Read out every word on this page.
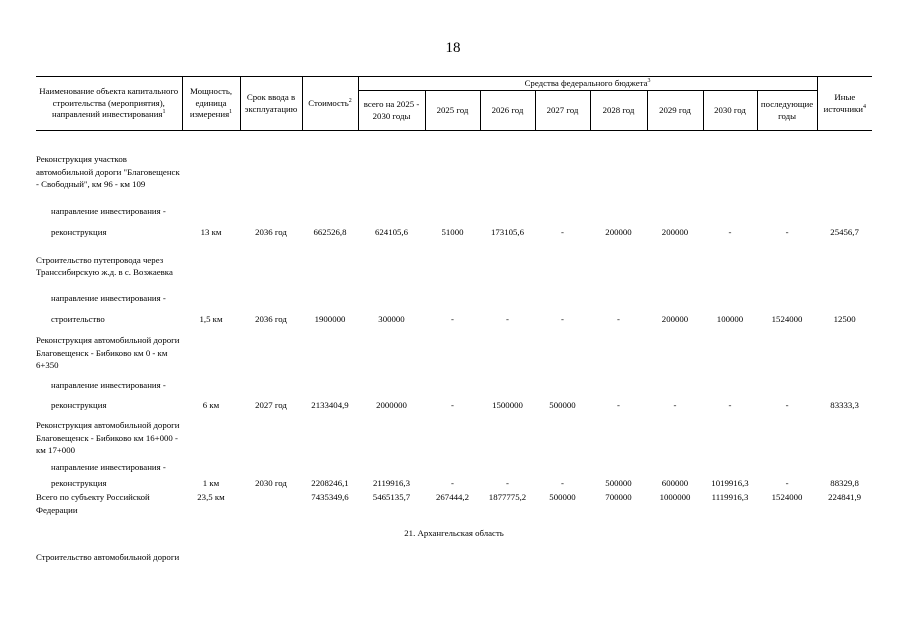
18
Наименование объекта капитального строительства (мероприятия), направлений инвестирования$^1$	Мощность, единица измерения$^1$	Срок ввода в эксплуатацию	Стоимость$^2$	Средства федерального бюджета$^3$								Иные источники$^4$
				всего на 2025 - 2030 годы	2025 год	2026 год	2027 год	2028 год	2029 год	2030 год	последующие годы	

Реконструкция участков автомобильной дороги "Благовещенск - Свободный", км 96 - км 109												
направление инвестирования -												
реконструкция	13 км	2036 год	662526,8	624105,6	51000	173105,6	-	200000	200000	-	-	25456,7
Строительство путепровода через Транссибирскую ж.д. в с. Возжаевка												
направление инвестирования -												
строительство	1,5 км	2036 год	1900000	300000	-	-	-	-	200000	100000	1524000	12500
Реконструкция автомобильной дороги Благовещенск - Бибиково км 0 - км 6+350												
направление инвестирования -												
реконструкция	6 км	2027 год	2133404,9	2000000	-	1500000	500000	-	-	-	-	83333,3
Реконструкция автомобильной дороги Благовещенск - Бибиково км 16+000 - км 17+000												
направление инвестирования -												
реконструкция	1 км	2030 год	2208246,1	2119916,3	-	-	-	500000	600000	1019916,3	-	88329,8
Всего по субъекту Российской Федерации	23,5 км		7435349,6	5465135,7	267444,2	1877775,2	500000	700000	1000000	1119916,3	1524000	224841,9
21. Архангельская область												
Строительство автомобильной дороги												
